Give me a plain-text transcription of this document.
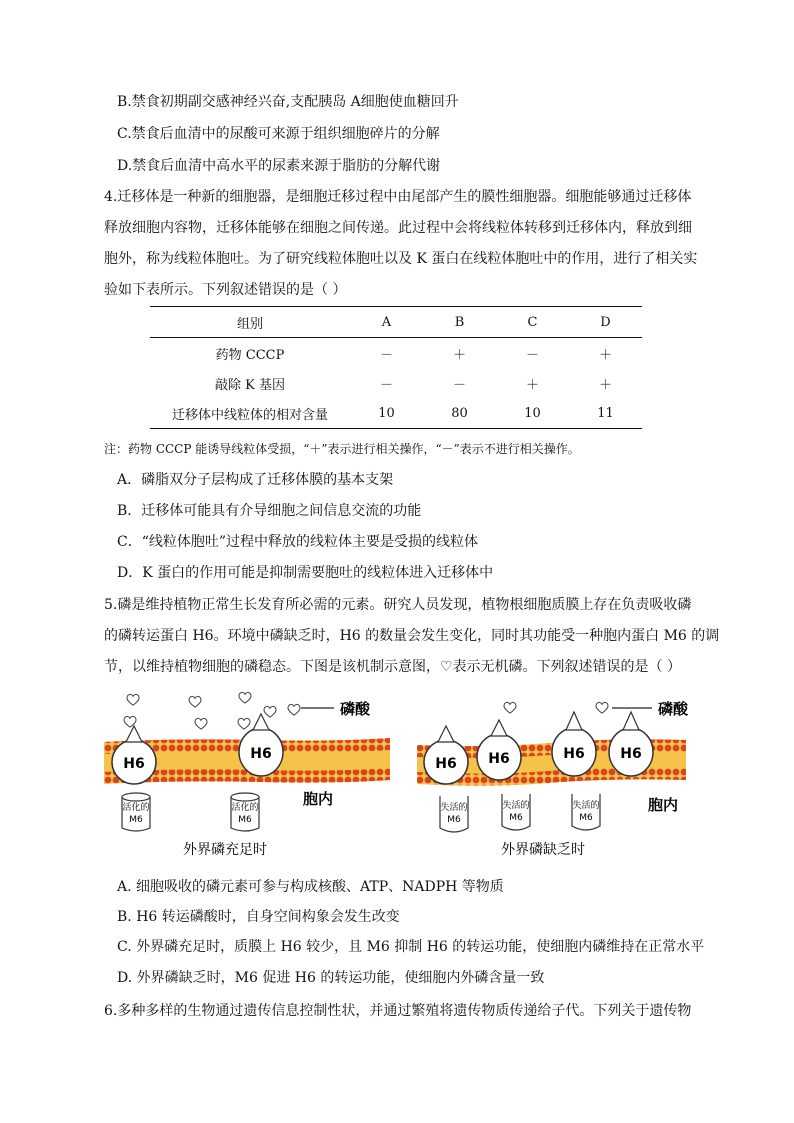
B.禁食初期副交感神经兴奋,支配胰岛 A细胞使血糖回升
C.禁食后血清中的尿酸可来源于组织细胞碎片的分解
D.禁食后血清中高水平的尿素来源于脂肪的分解代谢
4.迁移体是一种新的细胞器，是细胞迁移过程中由尾部产生的膜性细胞器。细胞能够通过迁移体
释放细胞内容物，迁移体能够在细胞之间传递。此过程中会将线粒体转移到迁移体内，释放到细
胞外，称为线粒体胞吐。为了研究线粒体胞吐以及 K 蛋白在线粒体胞吐中的作用，进行了相关实
验如下表所示。下列叙述错误的是（ ）
组别	A	B	C	D
药物 CCCP	－	＋	－	＋
敲除 K 基因	－	－	＋	＋
迁移体中线粒体的相对含量	10	80	10	11
注：药物 CCCP 能诱导线粒体受损，“＋”表示进行相关操作，“－”表示不进行相关操作。
A．磷脂双分子层构成了迁移体膜的基本支架
B．迁移体可能具有介导细胞之间信息交流的功能
C．“线粒体胞吐”过程中释放的线粒体主要是受损的线粒体
D．K 蛋白的作用可能是抑制需要胞吐的线粒体进入迁移体中
5.磷是维持植物正常生长发育所必需的元素。研究人员发现，植物根细胞质膜上存在负责吸收磷
的磷转运蛋白 H6。环境中磷缺乏时，H6 的数量会发生变化，同时其功能受一种胞内蛋白 M6 的调
节，以维持植物细胞的磷稳态。下图是该机制示意图，♡表示无机磷。下列叙述错误的是（ ）
H6
H6
磷酸
活化的
M6
活化的
M6
胞内
外界磷充足时
H6 H6	H6	H6
磷酸
失活的
M6
失活的
M6
失活的
M6
胞内
外界磷缺乏时
A. 细胞吸收的磷元素可参与构成核酸、ATP、NADPH 等物质
B. H6 转运磷酸时，自身空间构象会发生改变
C. 外界磷充足时，质膜上 H6 较少，且 M6 抑制 H6 的转运功能，使细胞内磷维持在正常水平
D. 外界磷缺乏时，M6 促进 H6 的转运功能，使细胞内外磷含量一致
6.多种多样的生物通过遗传信息控制性状，并通过繁殖将遗传物质传递给子代。下列关于遗传物
